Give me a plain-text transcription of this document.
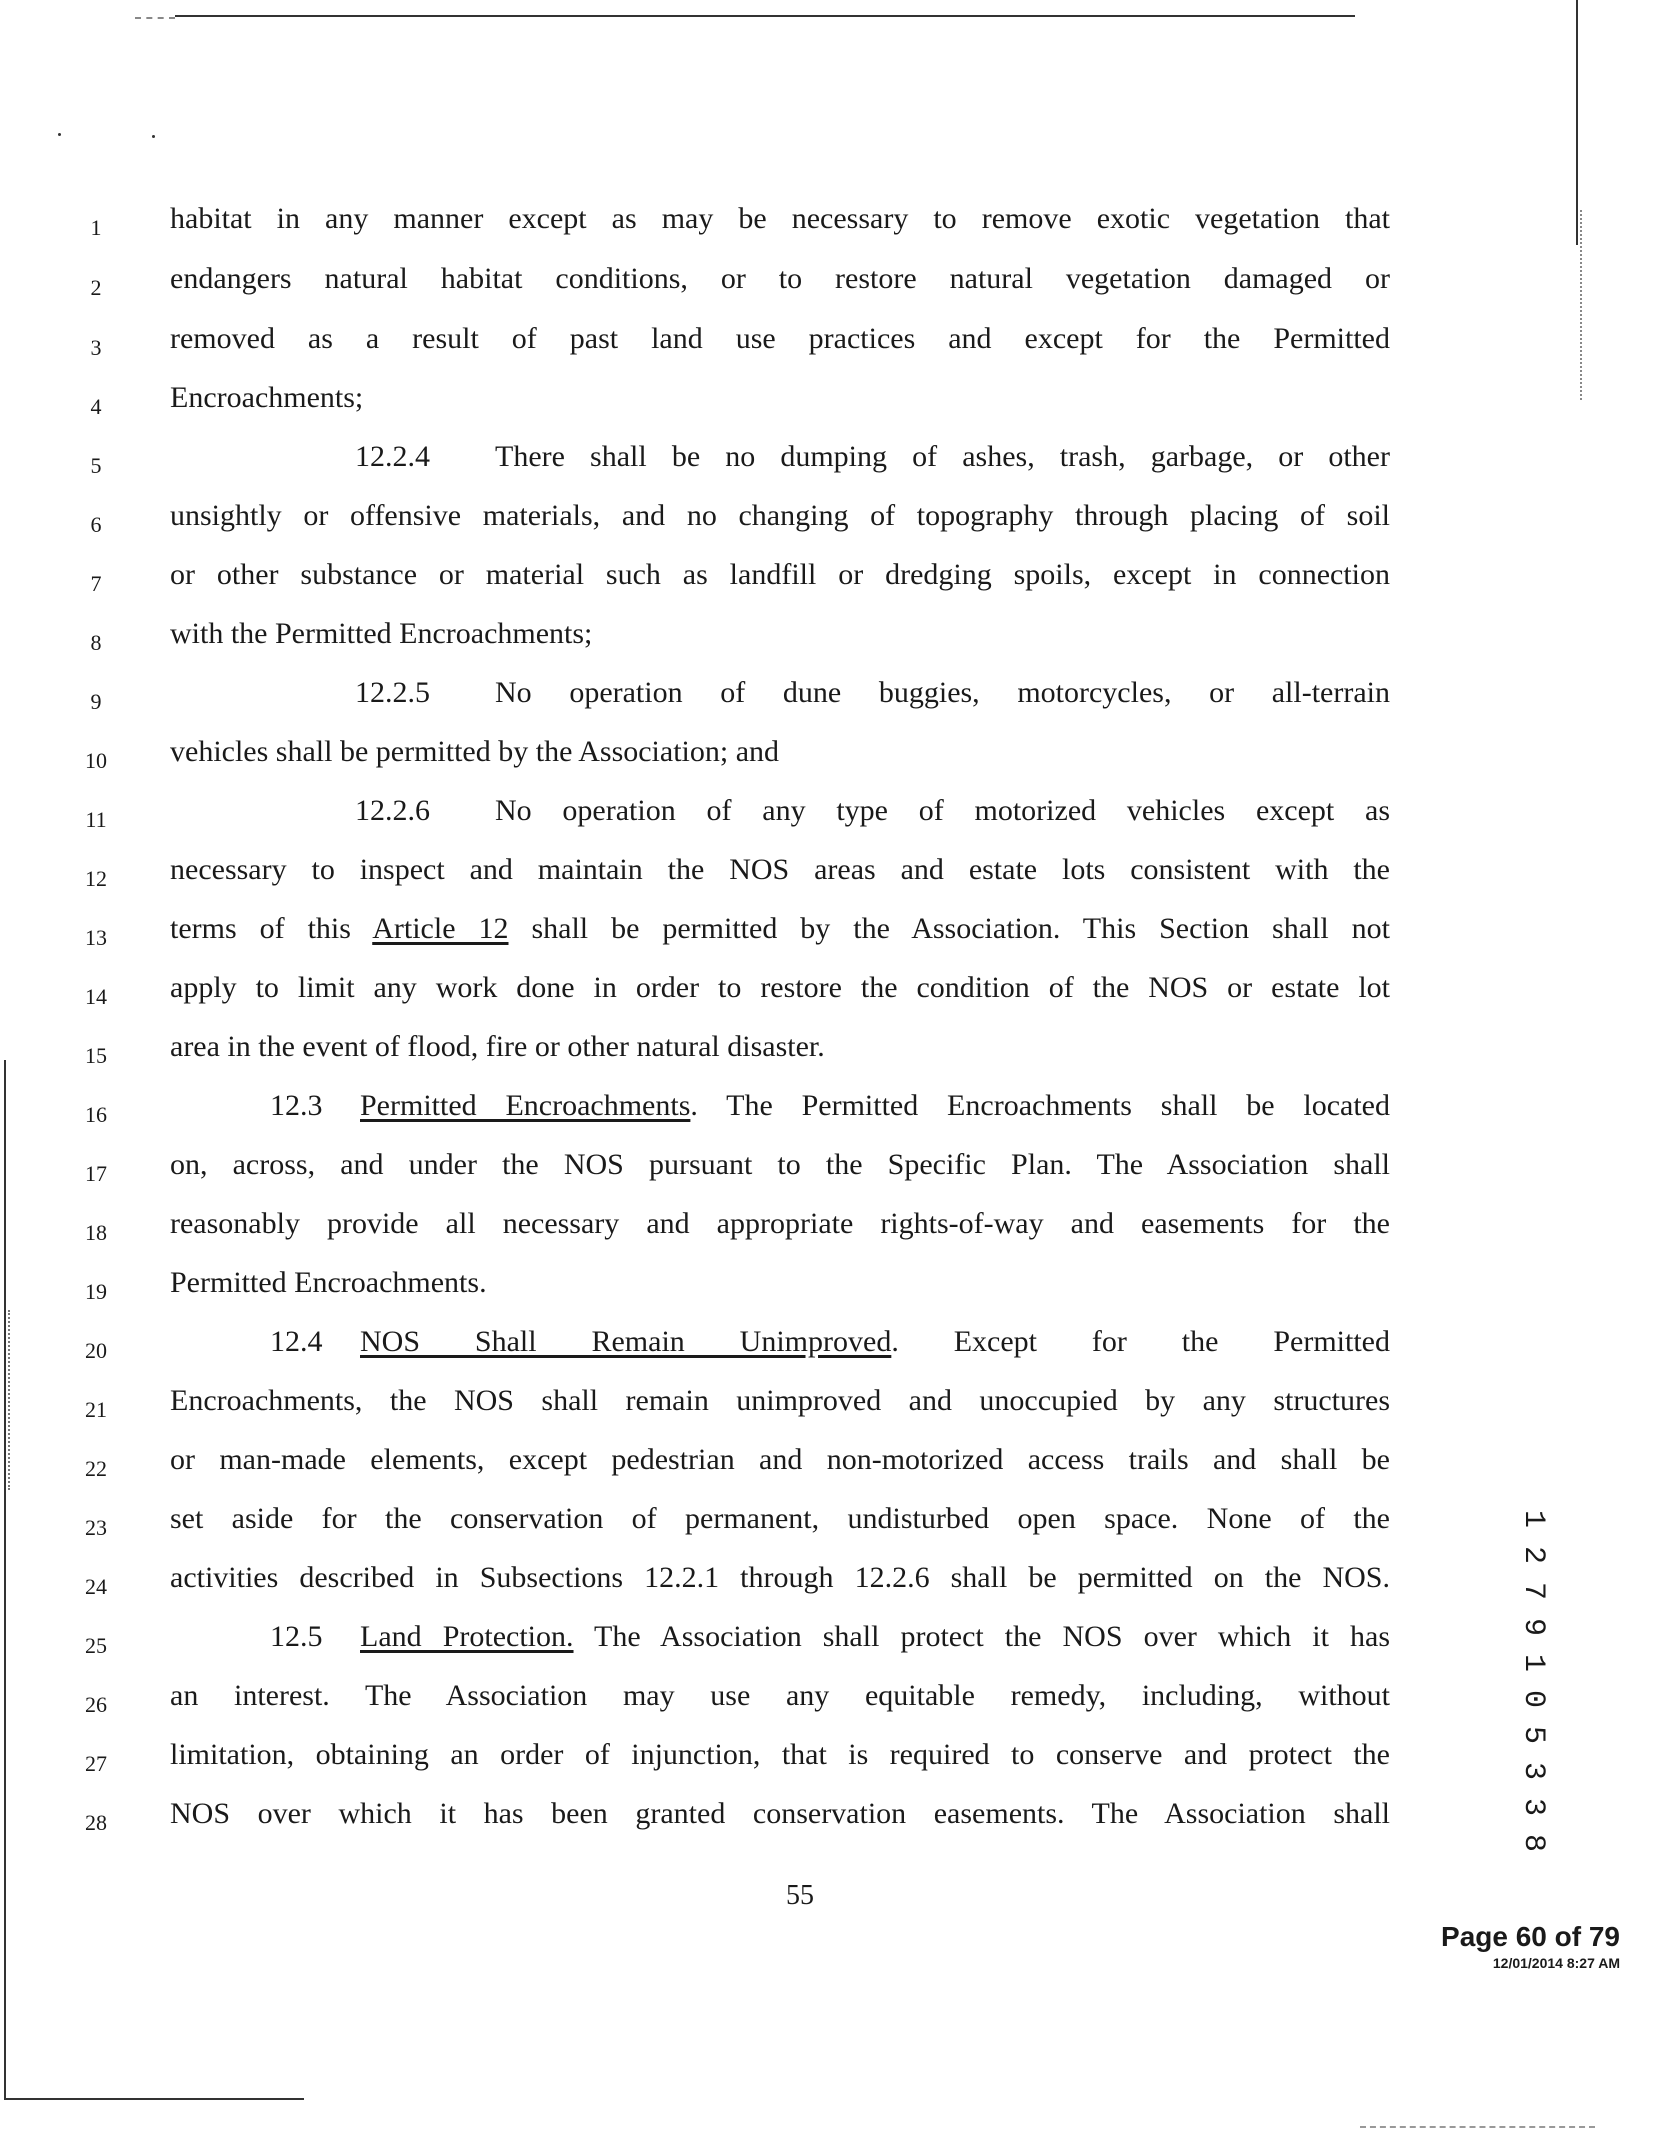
1
2
3
4
5
6
7
8
9
10
11
12
13
14
15
16
17
18
19
20
21
22
23
24
25
26
27
28
habitat in any manner except as may be necessary to remove exotic vegetation that
endangers natural habitat conditions, or to restore natural vegetation damaged or
removed as a result of past land use practices and except for the Permitted
Encroachments;
12.2.4 There shall be no dumping of ashes, trash, garbage, or other
unsightly or offensive materials, and no changing of topography through placing of soil
or other substance or material such as landfill or dredging spoils, except in connection
with the Permitted Encroachments;
12.2.5 No operation of dune buggies, motorcycles, or all-terrain
vehicles shall be permitted by the Association; and
12.2.6 No operation of any type of motorized vehicles except as
necessary to inspect and maintain the NOS areas and estate lots consistent with the
terms of this Article 12 shall be permitted by the Association. This Section shall not
apply to limit any work done in order to restore the condition of the NOS or estate lot
area in the event of flood, fire or other natural disaster.
12.3 Permitted Encroachments. The Permitted Encroachments shall be located
on, across, and under the NOS pursuant to the Specific Plan. The Association shall
reasonably provide all necessary and appropriate rights-of-way and easements for the
Permitted Encroachments.
12.4 NOS Shall Remain Unimproved. Except for the Permitted
Encroachments, the NOS shall remain unimproved and unoccupied by any structures
or man-made elements, except pedestrian and non-motorized access trails and shall be
set aside for the conservation of permanent, undisturbed open space. None of the
activities described in Subsections 12.2.1 through 12.2.6 shall be permitted on the NOS.
12.5 Land Protection. The Association shall protect the NOS over which it has
an interest. The Association may use any equitable remedy, including, without
limitation, obtaining an order of injunction, that is required to conserve and protect the
NOS over which it has been granted conservation easements. The Association shall
55
1 2 7 9 1 0 5 3 3 8
Page 60 of 79
12/01/2014 8:27 AM
